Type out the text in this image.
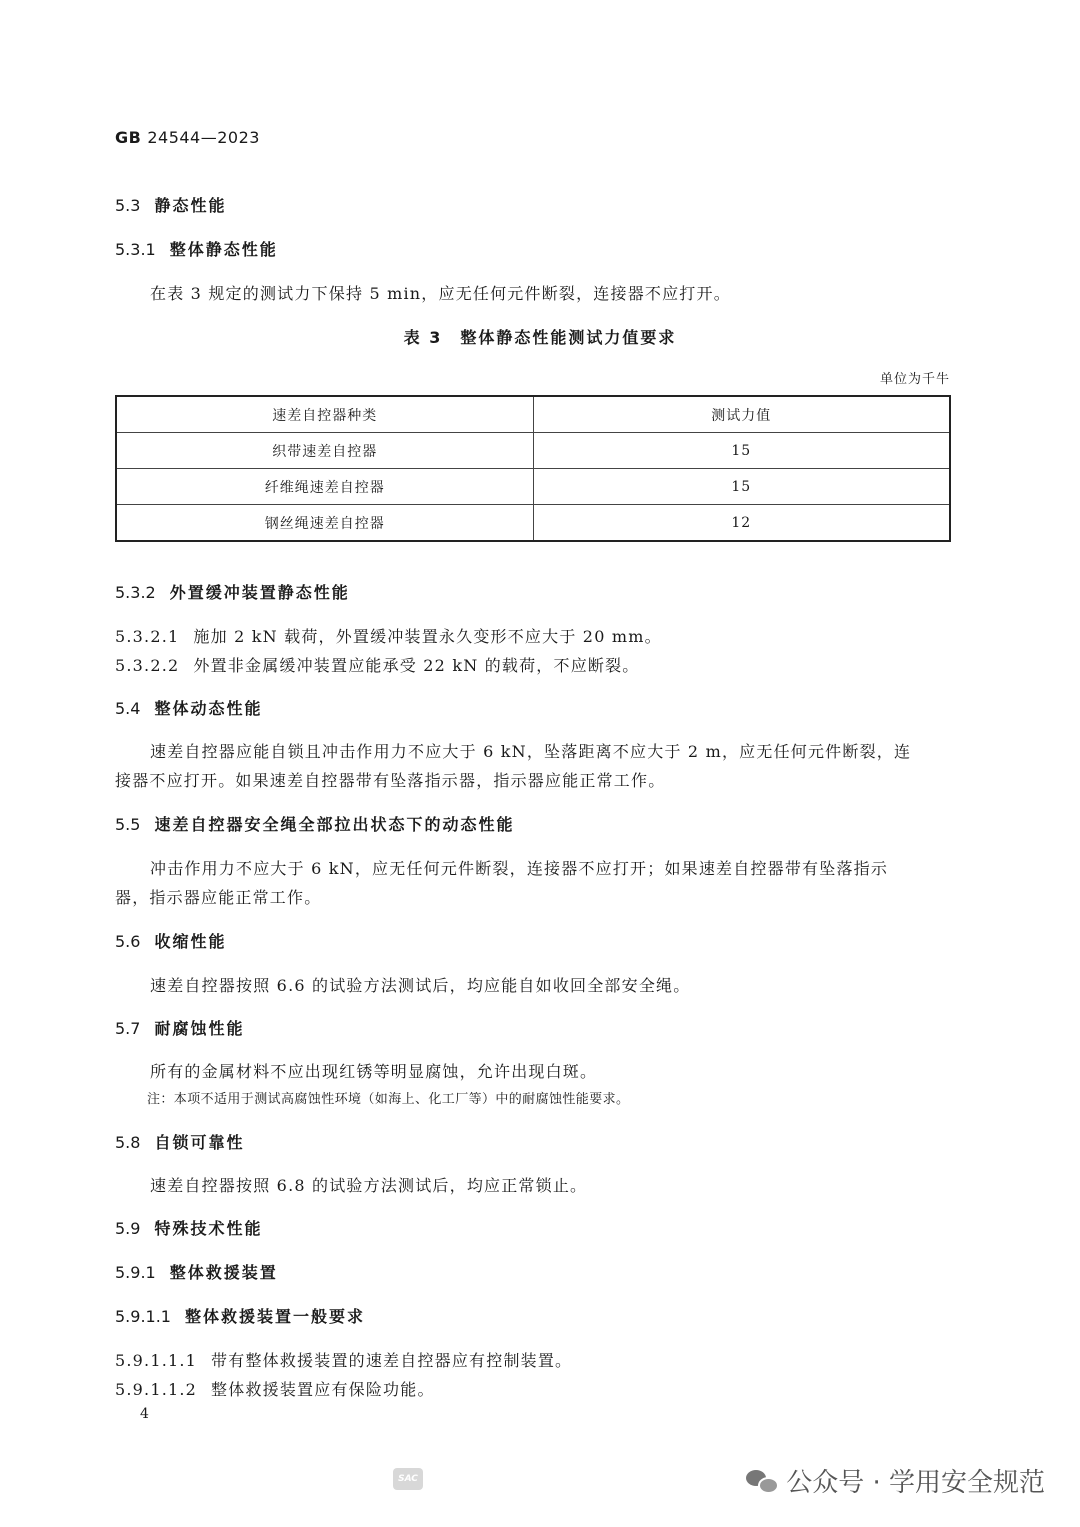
GB 24544—2023
5.3 静态性能
5.3.1 整体静态性能
在表 3 规定的测试力下保持 5 min，应无任何元件断裂，连接器不应打开。
表 3 整体静态性能测试力值要求
单位为千牛
速差自控器种类	测试力值
织带速差自控器	15
纤维绳速差自控器	15
钢丝绳速差自控器	12
5.3.2 外置缓冲装置静态性能
5.3.2.1 施加 2 kN 载荷，外置缓冲装置永久变形不应大于 20 mm。
5.3.2.2 外置非金属缓冲装置应能承受 22 kN 的载荷，不应断裂。
5.4 整体动态性能
速差自控器应能自锁且冲击作用力不应大于 6 kN，坠落距离不应大于 2 m，应无任何元件断裂，连
接器不应打开。如果速差自控器带有坠落指示器，指示器应能正常工作。
5.5 速差自控器安全绳全部拉出状态下的动态性能
冲击作用力不应大于 6 kN，应无任何元件断裂，连接器不应打开；如果速差自控器带有坠落指示
器，指示器应能正常工作。
5.6 收缩性能
速差自控器按照 6.6 的试验方法测试后，均应能自如收回全部安全绳。
5.7 耐腐蚀性能
所有的金属材料不应出现红锈等明显腐蚀，允许出现白斑。
注：本项不适用于测试高腐蚀性环境（如海上、化工厂等）中的耐腐蚀性能要求。
5.8 自锁可靠性
速差自控器按照 6.8 的试验方法测试后，均应正常锁止。
5.9 特殊技术性能
5.9.1 整体救援装置
5.9.1.1 整体救援装置一般要求
5.9.1.1.1 带有整体救援装置的速差自控器应有控制装置。
5.9.1.1.2 整体救援装置应有保险功能。
4
SAC	公众号 · 学用安全规范
